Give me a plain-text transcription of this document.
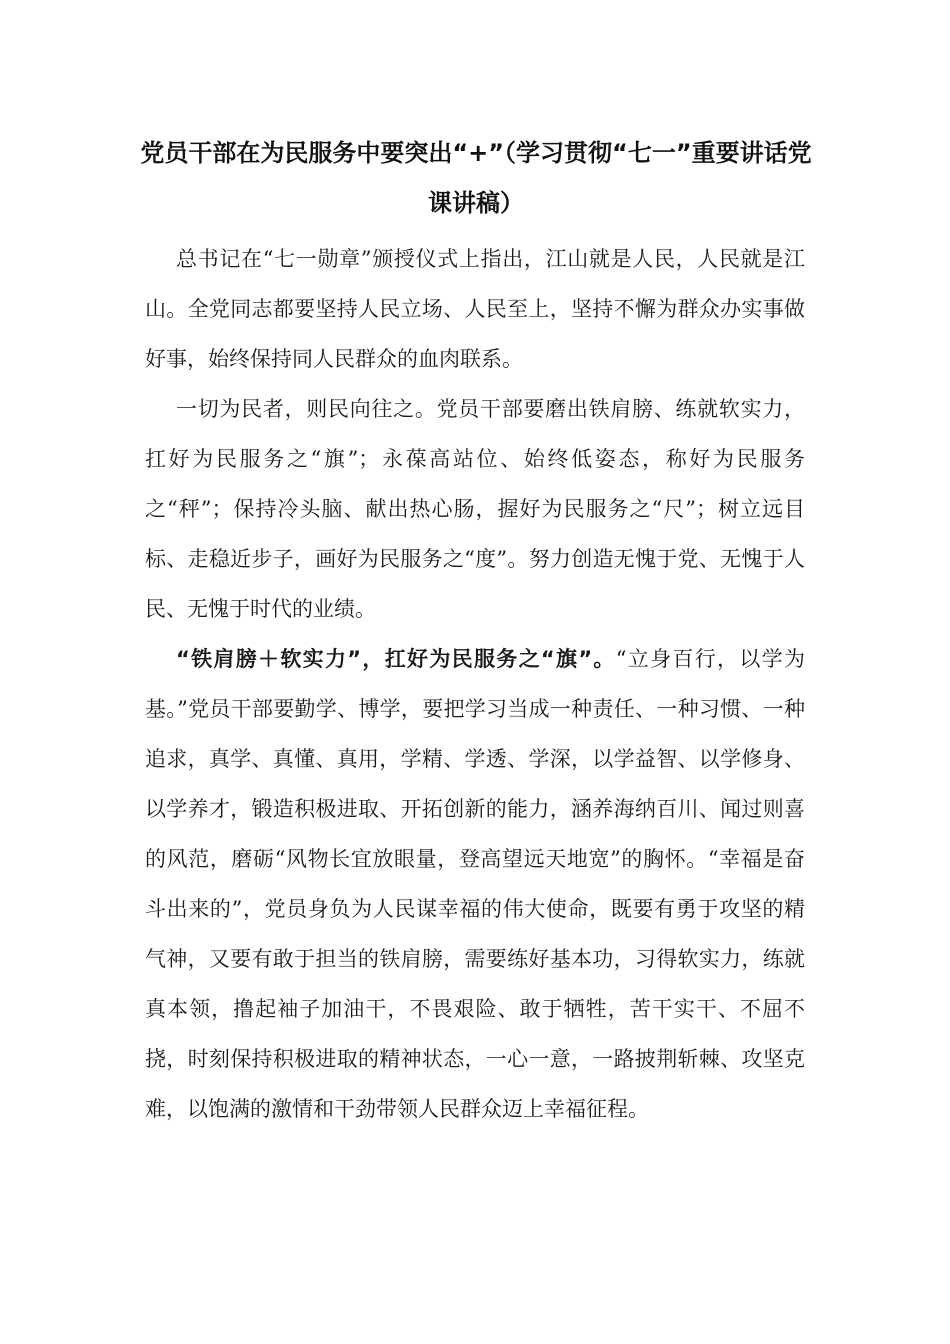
党员干部在为民服务中要突出“+”（学习贯彻“七一”重要讲话党课讲稿）

总书记在“七一勋章”颁授仪式上指出，江山就是人民，人民就是江山。全党同志都要坚持人民立场、人民至上，坚持不懈为群众办实事做好事，始终保持同人民群众的血肉联系。

一切为民者，则民向往之。党员干部要磨出铁肩膀、练就软实力，扛好为民服务之“旗”；永葆高站位、始终低姿态，称好为民服务之“秤”；保持冷头脑、献出热心肠，握好为民服务之“尺”；树立远目标、走稳近步子，画好为民服务之“度”。努力创造无愧于党、无愧于人民、无愧于时代的业绩。

“铁肩膀＋软实力”，扛好为民服务之“旗”。“立身百行，以学为基。”党员干部要勤学、博学，要把学习当成一种责任、一种习惯、一种追求，真学、真懂、真用，学精、学透、学深，以学益智、以学修身、以学养才，锻造积极进取、开拓创新的能力，涵养海纳百川、闻过则喜的风范，磨砺“风物长宜放眼量，登高望远天地宽”的胸怀。“幸福是奋斗出来的”，党员身负为人民谋幸福的伟大使命，既要有勇于攻坚的精气神，又要有敢于担当的铁肩膀，需要练好基本功，习得软实力，练就真本领，撸起袖子加油干，不畏艰险、敢于牺牲，苦干实干、不屈不挠，时刻保持积极进取的精神状态，一心一意，一路披荆斩棘、攻坚克难，以饱满的激情和干劲带领人民群众迈上幸福征程。
